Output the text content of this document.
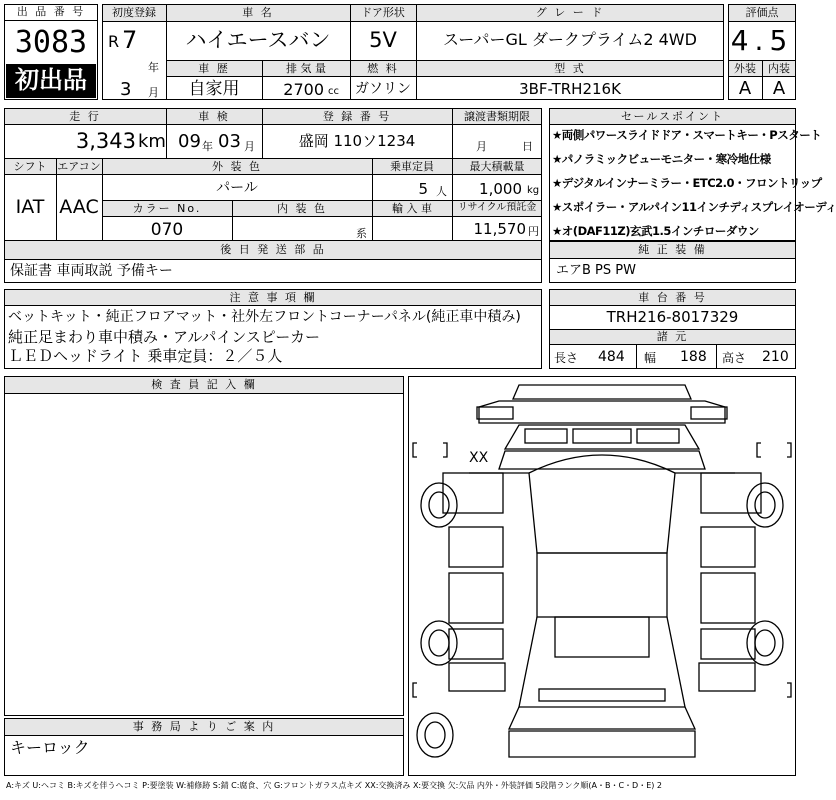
出 品 番 号
3083
初出品
初度登録
R 7
年
3 月
車 名
ハイエースバン
ドア形状
5V
グ レ ー ド
スーパーGL ダークプライム2 4WD
車 歴
自家用
排 気 量
2700 cc
燃 料
ガソリン
型 式
3BF-TRH216K
評価点
4.5
外装	内装
A	A
走 行
3,343 km
車 検
09 年 03 月
登 録 番 号
盛岡 110ソ1234
譲渡書類期限
月	日
シフト
IAT
エアコン
AAC
外 装 色
パール
乗車定員
5 人
最大積載量
1,000 kg
カラー No.
070
内 装 色
系
輸 入 車	リサイクル預託金
11,570 円
後 日 発 送 部 品
保証書 車両取説 予備キー
セールスポイント
★両側パワースライドドア・スマートキー・Pスタート
★パノラミックビューモニター・寒冷地仕様
★デジタルインナーミラー・ETC2.0・フロントリップ
★スポイラー・アルパイン11インチディスプレイオーディ
★オ(DAF11Z)玄武1.5インチローダウン
純 正 装 備
エアB PS PW
注 意 事 項 欄
ベットキット・純正フロアマット・社外左フロントコーナーパネル(純正車中積み)
純正足まわり車中積み・アルパインスピーカー
ＬＥＤヘッドライト 乗車定員：２／５人
車 台 番 号
TRH216-8017329
諸 元
長さ 484 幅 188 高さ 210
検 査 員 記 入 欄
XX
事 務 局 よ り ご 案 内
キーロック
A:キズ U:ヘコミ B:キズを伴うヘコミ P:要塗装 W:補修跡 S:錆 C:腐食、穴 G:フロントガラス点キズ XX:交換済み X:要交換 欠:欠品 内外・外装評価 5段階ランク順(A・B・C・D・E) 2
